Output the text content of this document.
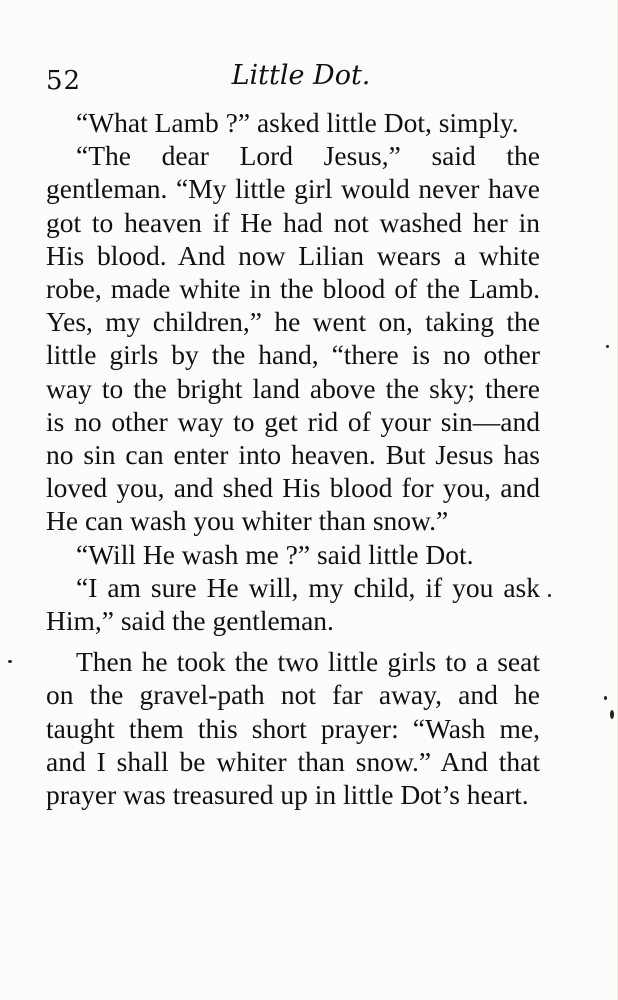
52	Little Dot.

“What Lamb ?” asked little Dot, simply.

“The dear Lord Jesus,” said the gentleman. “My little girl would never have got to heaven if He had not washed her in His blood. And now Lilian wears a white robe, made white in the blood of the Lamb. Yes, my children,” he went on, taking the little girls by the hand, “there is no other way to the bright land above the sky; there is no other way to get rid of your sin—and no sin can enter into heaven. But Jesus has loved you, and shed His blood for you, and He can wash you whiter than snow.”

“Will He wash me ?” said little Dot.

“I am sure He will, my child, if you ask Him,” said the gentleman.

Then he took the two little girls to a seat on the gravel-path not far away, and he taught them this short prayer: “Wash me, and I shall be whiter than snow.” And that prayer was treasured up in little Dot’s heart.
